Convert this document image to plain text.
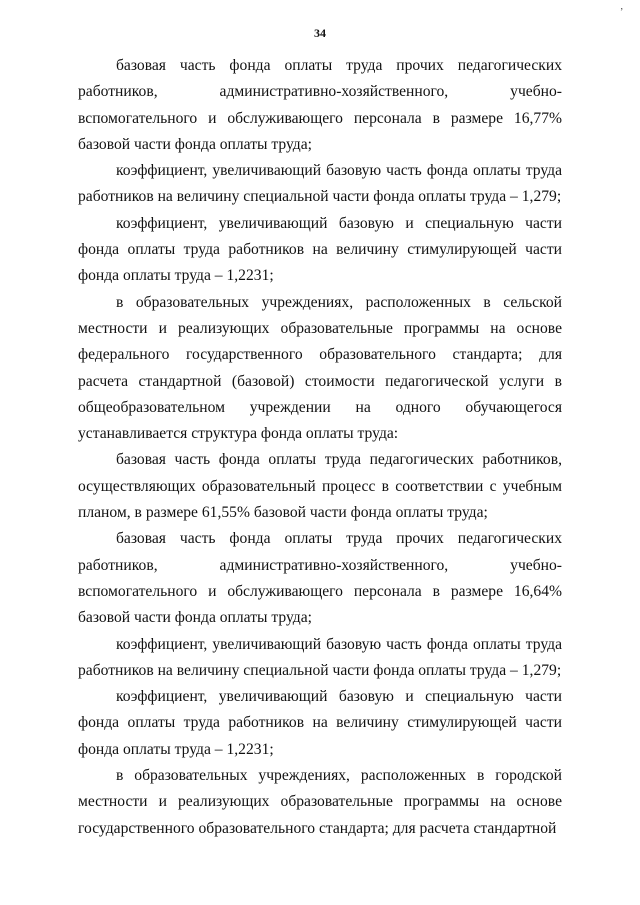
’
34

базовая часть фонда оплаты труда прочих педагогических работников, административно-хозяйственного, учебно-вспомогательного и обслуживающего персонала в размере 16,77% базовой части фонда оплаты труда;

коэффициент, увеличивающий базовую часть фонда оплаты труда работников на величину специальной части фонда оплаты труда – 1,279;

коэффициент, увеличивающий базовую и специальную части фонда оплаты труда работников на величину стимулирующей части фонда оплаты труда – 1,2231;

в образовательных учреждениях, расположенных в сельской местности и реализующих образовательные программы на основе федерального государственного образовательного стандарта; для расчета стандартной (базовой) стоимости педагогической услуги в общеобразовательном учреждении на одного обучающегося устанавливается структура фонда оплаты труда:

базовая часть фонда оплаты труда педагогических работников, осуществляющих образовательный процесс в соответствии с учебным планом, в размере 61,55% базовой части фонда оплаты труда;

базовая часть фонда оплаты труда прочих педагогических работников, административно-хозяйственного, учебно-вспомогательного и обслуживающего персонала в размере 16,64% базовой части фонда оплаты труда;

коэффициент, увеличивающий базовую часть фонда оплаты труда работников на величину специальной части фонда оплаты труда – 1,279;

коэффициент, увеличивающий базовую и специальную части фонда оплаты труда работников на величину стимулирующей части фонда оплаты труда – 1,2231;

в образовательных учреждениях, расположенных в городской местности и реализующих образовательные программы на основе государственного образовательного стандарта; для расчета стандартной
